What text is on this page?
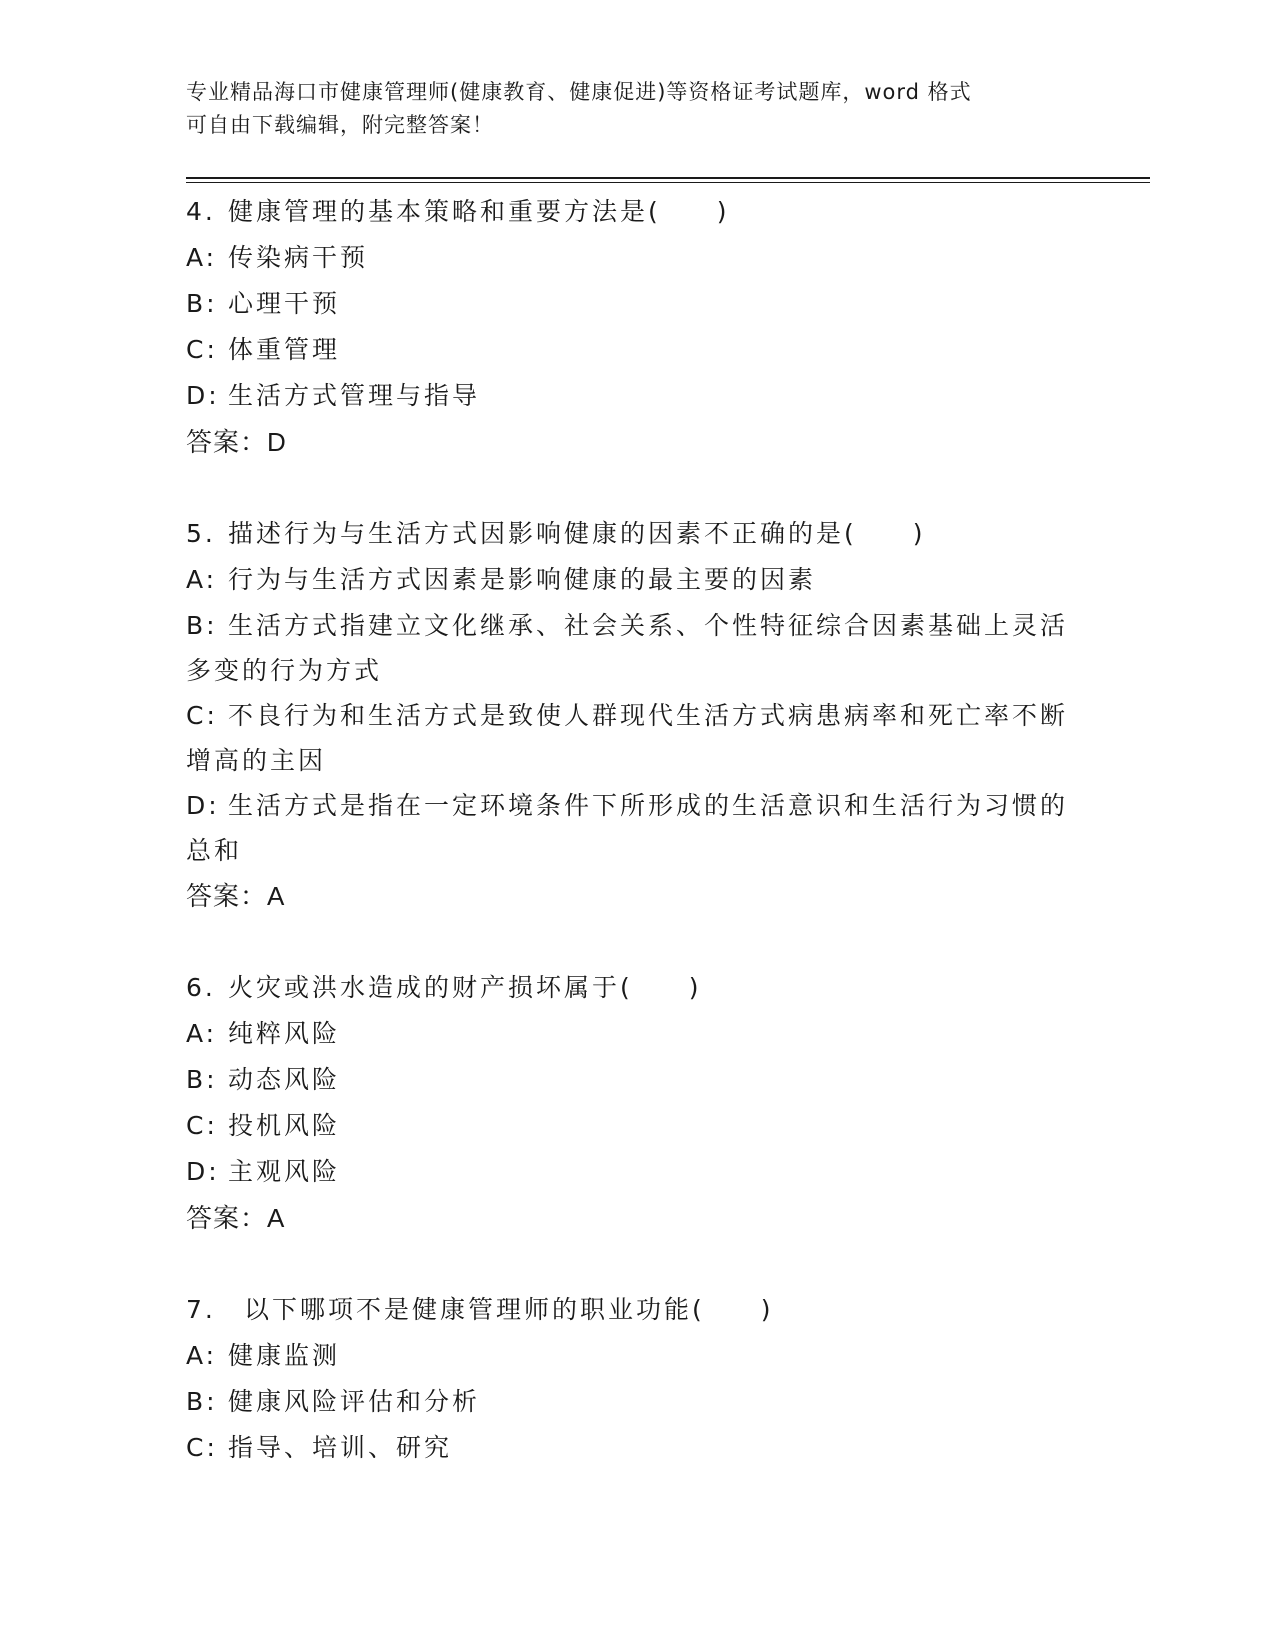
专业精品海口市健康管理师(健康教育、健康促进)等资格证考试题库，word 格式
可自由下载编辑，附完整答案！
4. 健康管理的基本策略和重要方法是(　　)
A: 传染病干预
B: 心理干预
C: 体重管理
D: 生活方式管理与指导
答案：D
5. 描述行为与生活方式因影响健康的因素不正确的是(　　)
A: 行为与生活方式因素是影响健康的最主要的因素
B: 生活方式指建立文化继承、社会关系、个性特征综合因素基础上灵活多变的行为方式
C: 不良行为和生活方式是致使人群现代生活方式病患病率和死亡率不断增高的主因
D: 生活方式是指在一定环境条件下所形成的生活意识和生活行为习惯的总和
答案：A
6. 火灾或洪水造成的财产损坏属于(　　)
A: 纯粹风险
B: 动态风险
C: 投机风险
D: 主观风险
答案：A
7. 以下哪项不是健康管理师的职业功能(　　)
A: 健康监测
B: 健康风险评估和分析
C: 指导、培训、研究
